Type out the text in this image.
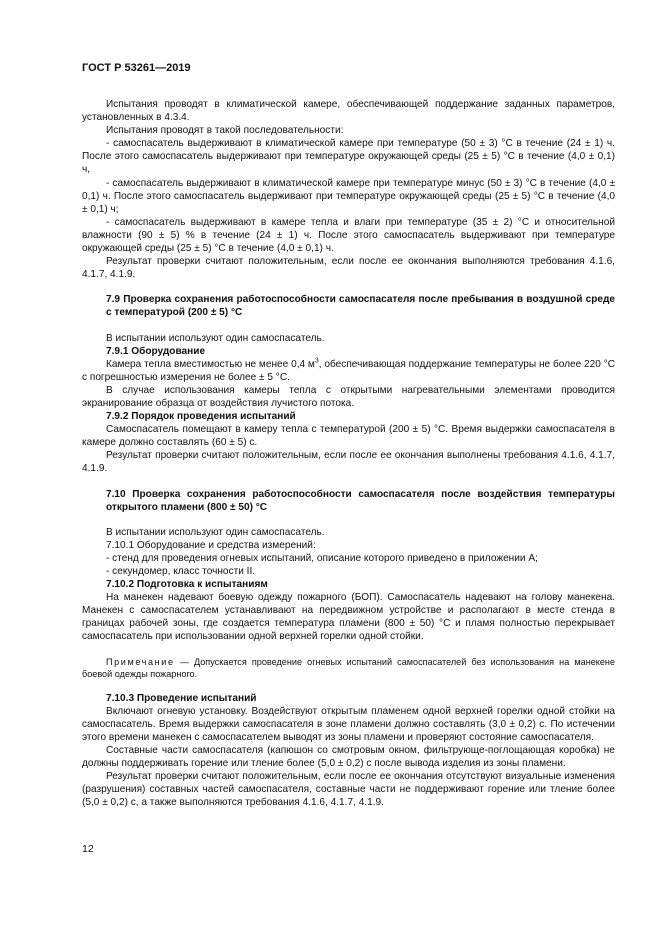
ГОСТ Р 53261—2019

Испытания проводят в климатической камере, обеспечивающей поддержание заданных параметров, установленных в 4.3.4.

Испытания проводят в такой последовательности:

- самоспасатель выдерживают в климатической камере при температуре (50 ± 3) °С в течение (24 ± 1) ч. После этого самоспасатель выдерживают при температуре окружающей среды (25 ± 5) °С в течение (4,0 ± 0,1) ч,

- самоспасатель выдерживают в климатической камере при температуре минус (50 ± 3) °С в течение (4,0 ± 0,1) ч. После этого самоспасатель выдерживают при температуре окружающей среды (25 ± 5) °С в течение (4,0 ± 0,1) ч;

- самоспасатель выдерживают в камере тепла и влаги при температуре (35 ± 2) °С и относительной влажности (90 ± 5) % в течение (24 ± 1) ч. После этого самоспасатель выдерживают при температуре окружающей среды (25 ± 5) °С в течение (4,0 ± 0,1) ч.

Результат проверки считают положительным, если после ее окончания выполняются требования 4.1.6, 4.1.7, 4.1.9.

7.9 Проверка сохранения работоспособности самоспасателя после пребывания в воздушной среде с температурой (200 ± 5) °С

В испытании используют один самоспасатель.

7.9.1 Оборудование

Камера тепла вместимостью не менее 0,4 $м^3$, обеспечивающая поддержание температуры не более 220 °С с погрешностью измерения не более ± 5 °С.

В случае использования камеры тепла с открытыми нагревательными элементами проводится экранирование образца от воздействия лучистого потока.

7.9.2 Порядок проведения испытаний

Самоспасатель помещают в камеру тепла с температурой (200 ± 5) °С. Время выдержки самоспасателя в камере должно составлять (60 ± 5) с.

Результат проверки считают положительным, если после ее окончания выполнены требования 4.1.6, 4.1.7, 4.1.9.

7.10 Проверка сохранения работоспособности самоспасателя после воздействия температуры открытого пламени (800 ± 50) °С

В испытании используют один самоспасатель.

7.10.1 Оборудование и средства измерений:

- стенд для проведения огневых испытаний, описание которого приведено в приложении А;

- секундомер, класс точности II.

7.10.2 Подготовка к испытаниям

На манекен надевают боевую одежду пожарного (БОП). Самоспасатель надевают на голову манекена. Манекен с самоспасателем устанавливают на передвижном устройстве и располагают в месте стенда в границах рабочей зоны, где создается температура пламени (800 ± 50) °С и пламя полностью перекрывает самоспасатель при использовании одной верхней горелки одной стойки.

Примечание — Допускается проведение огневых испытаний самоспасателей без использования на манекене боевой одежды пожарного.

7.10.3 Проведение испытаний

Включают огневую установку. Воздействуют открытым пламенем одной верхней горелки одной стойки на самоспасатель. Время выдержки самоспасателя в зоне пламени должно составлять (3,0 ± 0,2) с. По истечении этого времени манекен с самоспасателем выводят из зоны пламени и проверяют состояние самоспасателя.

Составные части самоспасателя (капюшон со смотровым окном, фильтрующе-поглощающая коробка) не должны поддерживать горение или тление более (5,0 ± 0,2) с после вывода изделия из зоны пламени.

Результат проверки считают положительным, если после ее окончания отсутствуют визуальные изменения (разрушения) составных частей самоспасателя, составные части не поддерживают горение или тление более (5,0 ± 0,2) с, а также выполняются требования 4.1.6, 4.1.7, 4.1.9.

12
